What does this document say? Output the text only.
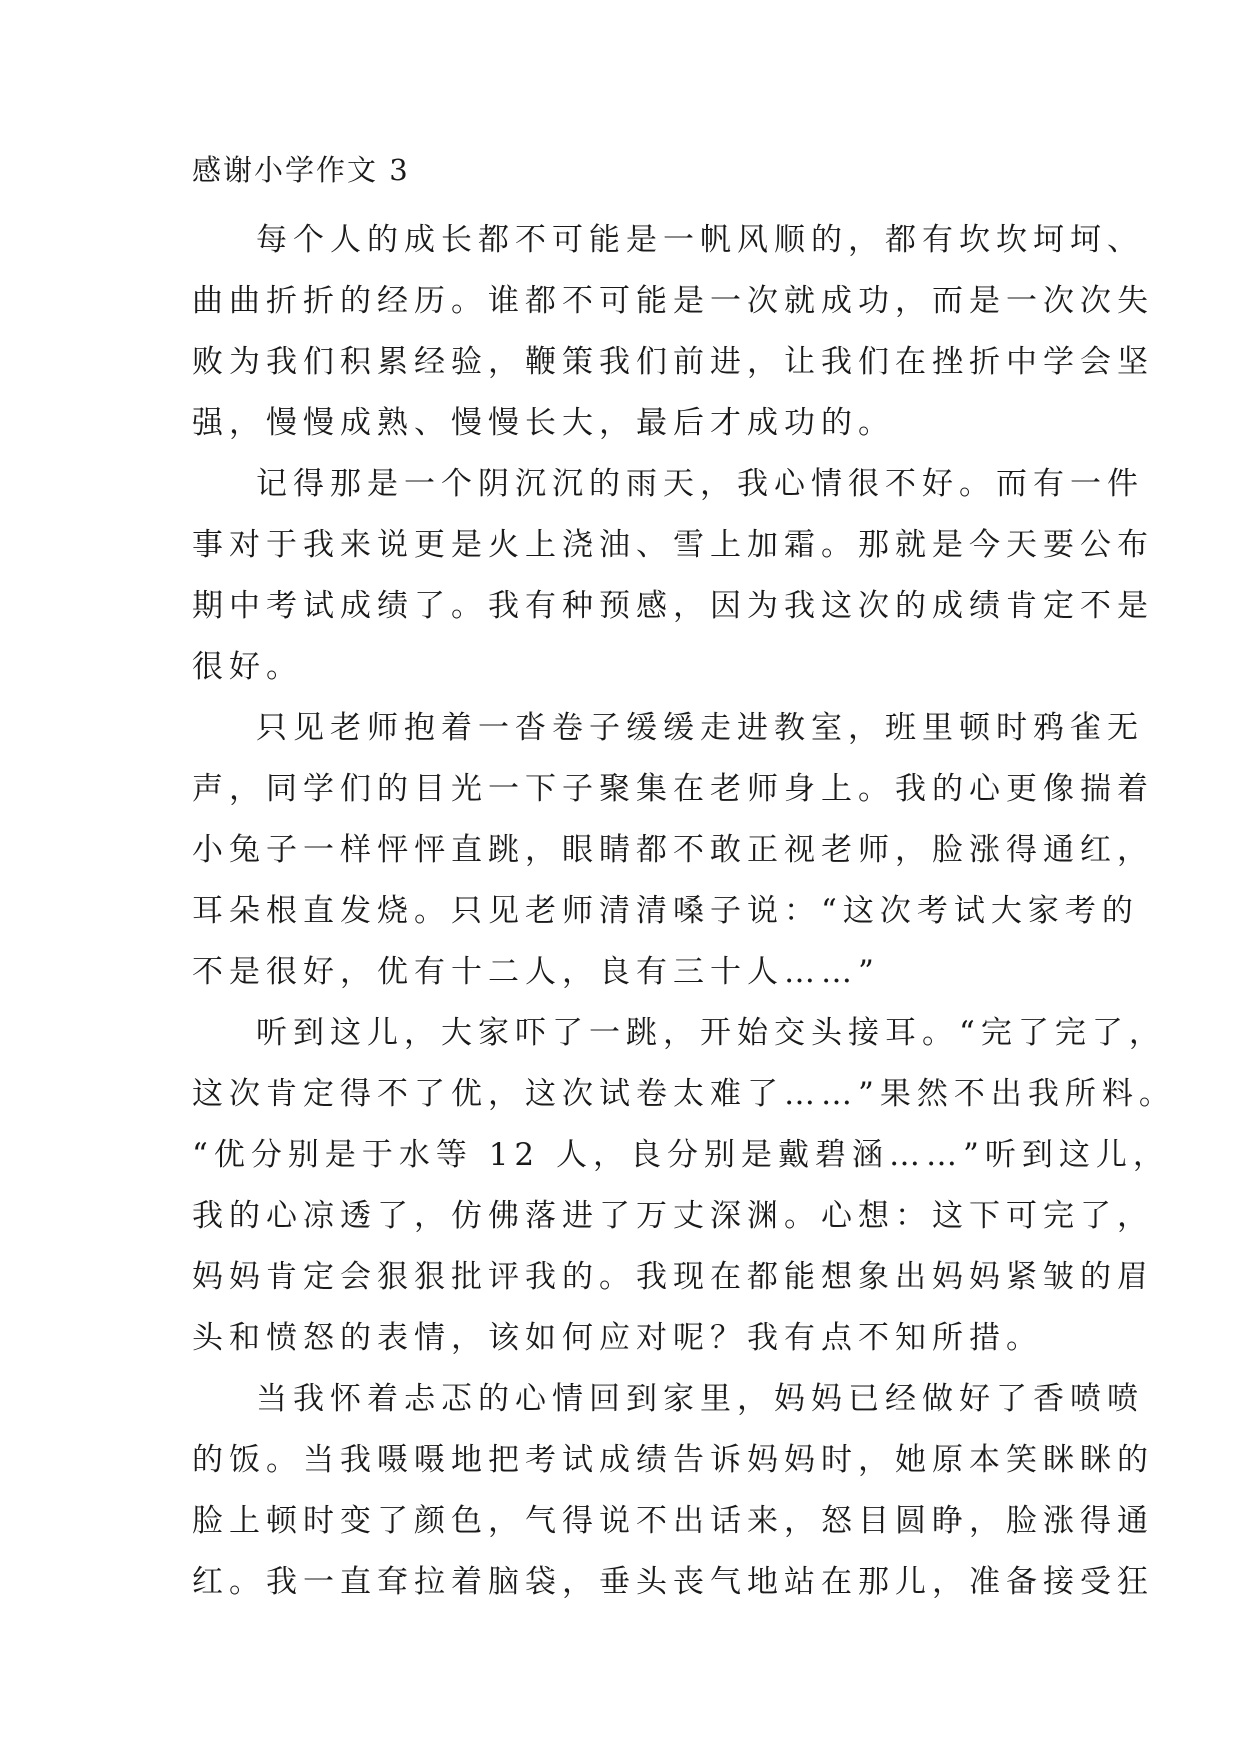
感谢小学作文 3
每个人的成长都不可能是一帆风顺的，都有坎坎坷坷、
曲曲折折的经历。谁都不可能是一次就成功，而是一次次失
败为我们积累经验，鞭策我们前进，让我们在挫折中学会坚
强，慢慢成熟、慢慢长大，最后才成功的。
记得那是一个阴沉沉的雨天，我心情很不好。而有一件
事对于我来说更是火上浇油、雪上加霜。那就是今天要公布
期中考试成绩了。我有种预感，因为我这次的成绩肯定不是
很好。
只见老师抱着一沓卷子缓缓走进教室，班里顿时鸦雀无
声，同学们的目光一下子聚集在老师身上。我的心更像揣着
小兔子一样怦怦直跳，眼睛都不敢正视老师，脸涨得通红，
耳朵根直发烧。只见老师清清嗓子说：“这次考试大家考的
不是很好，优有十二人，良有三十人……”
听到这儿，大家吓了一跳，开始交头接耳。“完了完了，
这次肯定得不了优，这次试卷太难了……”果然不出我所料。
“优分别是于水等 12 人，良分别是戴碧涵……”听到这儿，
我的心凉透了，仿佛落进了万丈深渊。心想：这下可完了，
妈妈肯定会狠狠批评我的。我现在都能想象出妈妈紧皱的眉
头和愤怒的表情，该如何应对呢？我有点不知所措。
当我怀着忐忑的心情回到家里，妈妈已经做好了香喷喷
的饭。当我嗫嗫地把考试成绩告诉妈妈时，她原本笑眯眯的
脸上顿时变了颜色，气得说不出话来，怒目圆睁，脸涨得通
红。我一直耷拉着脑袋，垂头丧气地站在那儿，准备接受狂
